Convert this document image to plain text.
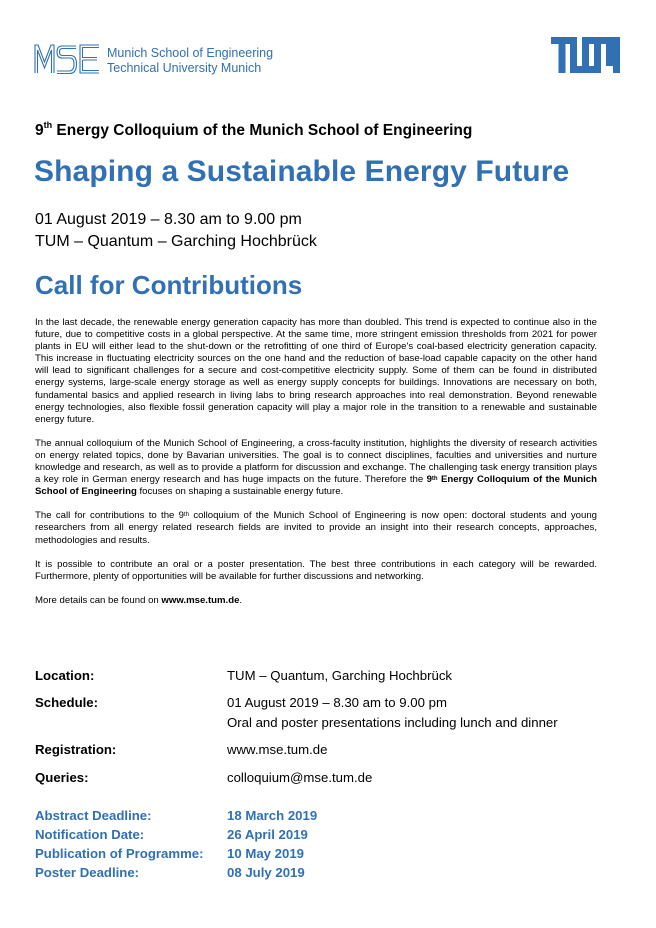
Munich School of Engineering
Technical University Munich
9th Energy Colloquium of the Munich School of Engineering
Shaping a Sustainable Energy Future
01 August 2019 – 8.30 am to 9.00 pm
TUM – Quantum – Garching Hochbrück
Call for Contributions

In the last decade, the renewable energy generation capacity has more than doubled. This trend is expected to continue also in the future, due to competitive costs in a global perspective. At the same time, more stringent emission thresholds from 2021 for power plants in EU will either lead to the shut-down or the retrofitting of one third of Europe's coal-based electricity generation capacity. This increase in fluctuating electricity sources on the one hand and the reduction of base-load capable capacity on the other hand will lead to significant challenges for a secure and cost-competitive electricity supply. Some of them can be found in distributed energy systems, large-scale energy storage as well as energy supply concepts for buildings. Innovations are necessary on both, fundamental basics and applied research in living labs to bring research approaches into real demonstration. Beyond renewable energy technologies, also flexible fossil generation capacity will play a major role in the transition to a renewable and sustainable energy future.

The annual colloquium of the Munich School of Engineering, a cross-faculty institution, highlights the diversity of research activities on energy related topics, done by Bavarian universities. The goal is to connect disciplines, faculties and universities and nurture knowledge and research, as well as to provide a platform for discussion and exchange. The challenging task energy transition plays a key role in German energy research and has huge impacts on the future. Therefore the 9th Energy Colloquium of the Munich School of Engineering focuses on shaping a sustainable energy future.

The call for contributions to the 9th colloquium of the Munich School of Engineering is now open: doctoral students and young researchers from all energy related research fields are invited to provide an insight into their research concepts, approaches, methodologies and results.

It is possible to contribute an oral or a poster presentation. The best three contributions in each category will be rewarded. Furthermore, plenty of opportunities will be available for further discussions and networking.

More details can be found on www.mse.tum.de.

Location:	TUM – Quantum, Garching Hochbrück
Schedule:	01 August 2019 – 8.30 am to 9.00 pm
Oral and poster presentations including lunch and dinner
Registration:	www.mse.tum.de
Queries:	colloquium@mse.tum.de
Abstract Deadline:	18 March 2019
Notification Date:	26 April 2019
Publication of Programme: 10 May 2019
Poster Deadline:	08 July 2019
